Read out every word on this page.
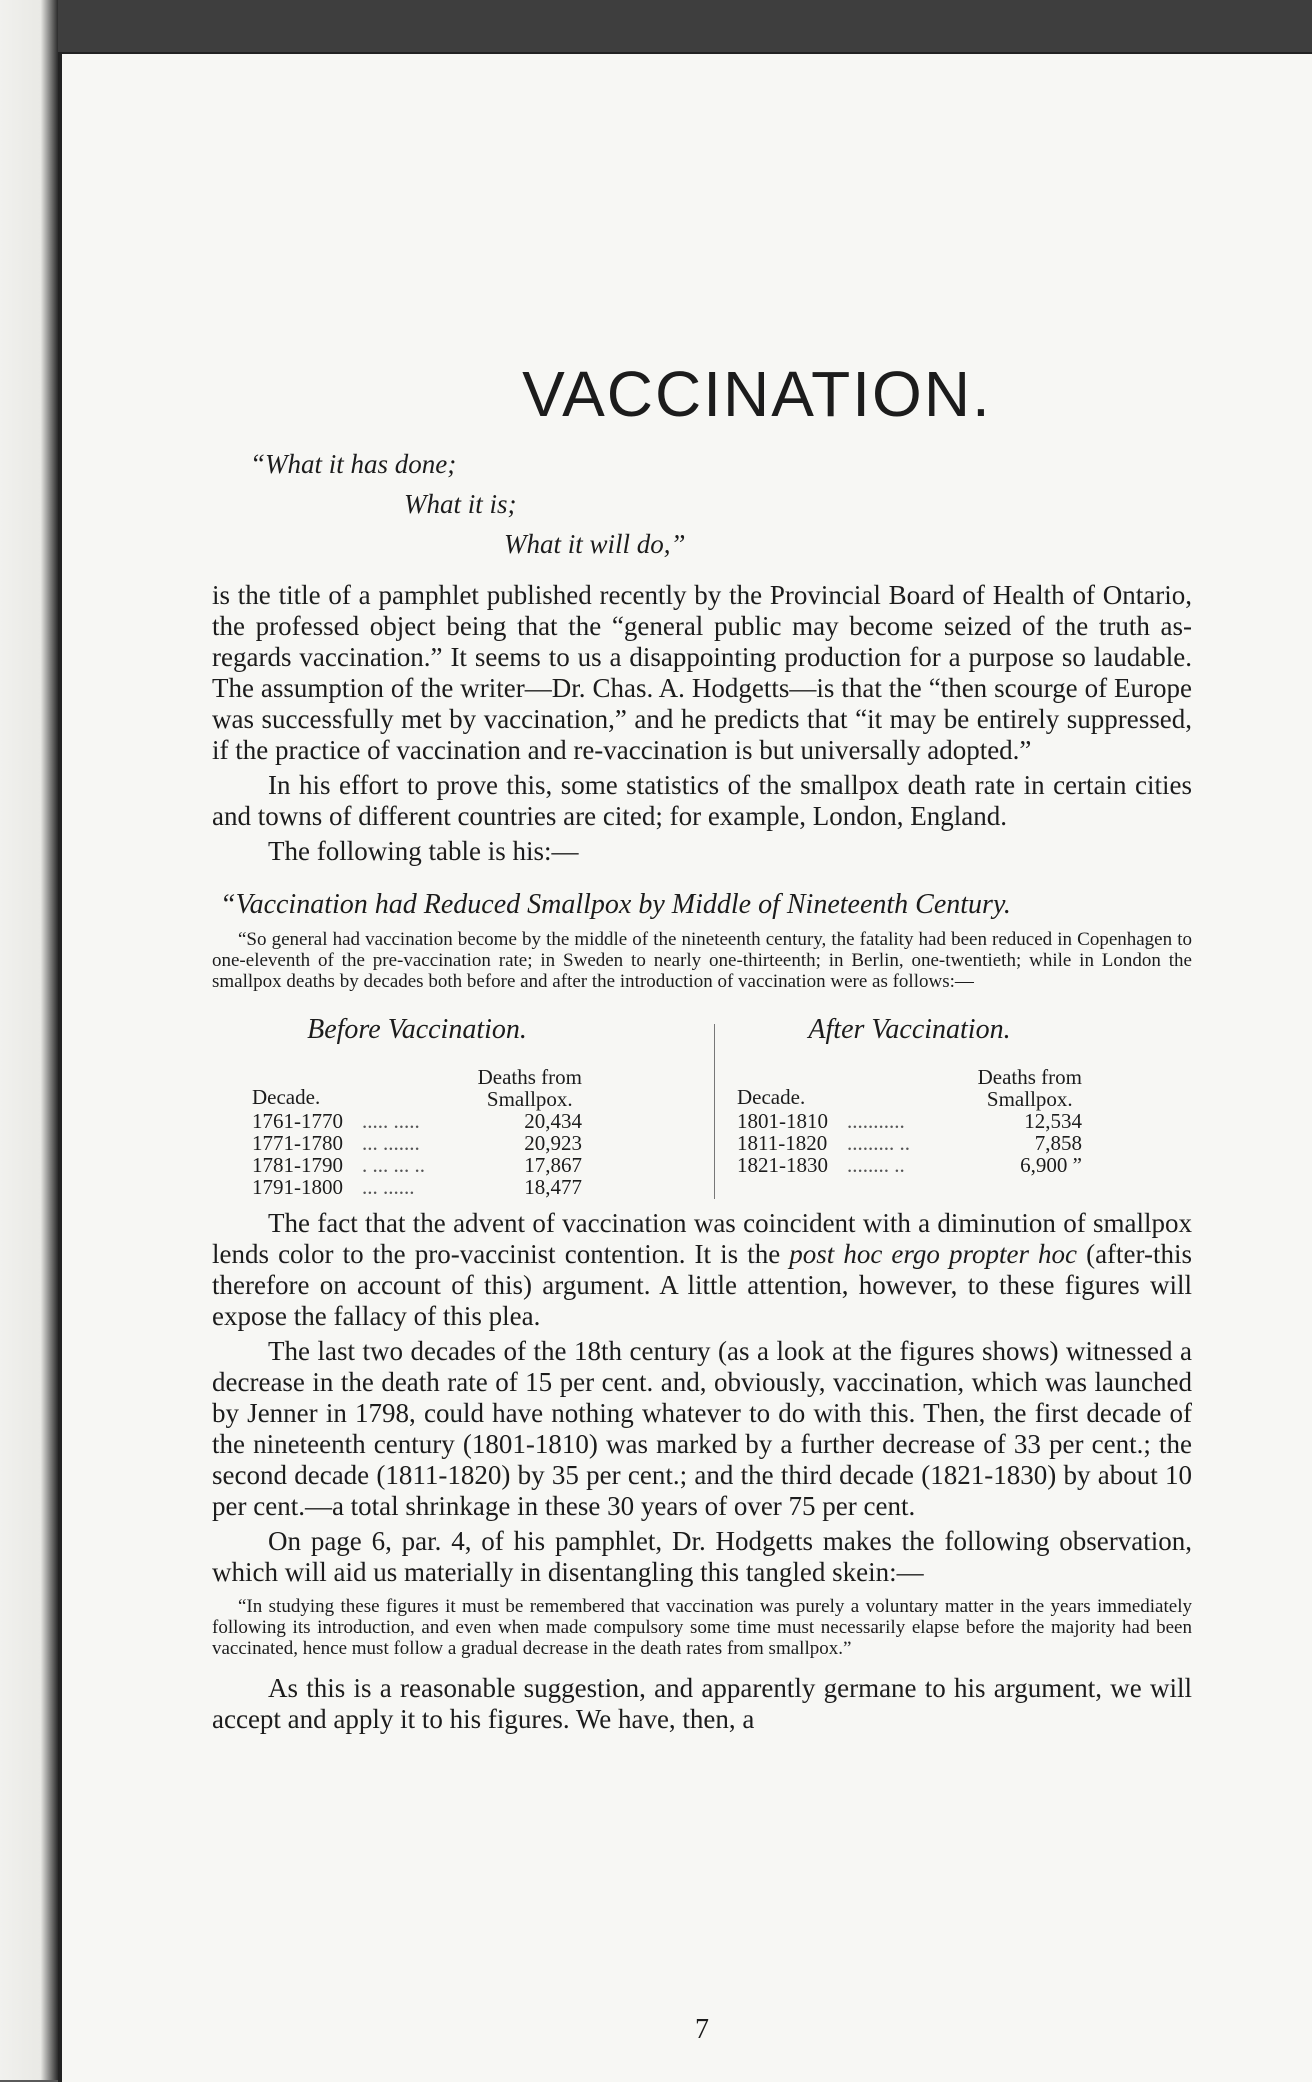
VACCINATION.
“What it has done;
What it is;
What it will do,”

is the title of a pamphlet published recently by the Provincial Board of Health of Ontario, the professed object being that the “general public may become seized of the truth as-regards vaccination.” It seems to us a disappointing production for a purpose so laudable. The assumption of the writer—Dr. Chas. A. Hodgetts—is that the “then scourge of Europe was successfully met by vaccination,” and he predicts that “it may be entirely suppressed, if the practice of vaccination and re-vaccination is but universally adopted.”

In his effort to prove this, some statistics of the smallpox death rate in certain cities and towns of different countries are cited; for example, London, England.

The following table is his:—

“Vaccination had Reduced Smallpox by Middle of Nineteenth Century.
“So general had vaccination become by the middle of the nineteenth century, the fatality had been reduced in Copenhagen to one-eleventh of the pre-vaccination rate; in Sweden to nearly one-thirteenth; in Berlin, one-twentieth; while in London the smallpox deaths by decades both before and after the introduction of vaccination were as follows:—
Before Vaccination.
Decade.
Deaths from
Smallpox.
1761-1770 ..... .....	20,434
1771-1780 ... .......	20,923
1781-1790 . ... ... ..	17,867
1791-1800 ... ......	18,477
After Vaccination.
Decade.
Deaths from
Smallpox.
1801-1810 ...........	12,534
1811-1820 ......... ..	7,858
1821-1830 ........ ..	6,900 ”

The fact that the advent of vaccination was coincident with a diminution of smallpox lends color to the pro-vaccinist contention. It is the post hoc ergo propter hoc (after-this therefore on account of this) argument. A little attention, however, to these figures will expose the fallacy of this plea.

The last two decades of the 18th century (as a look at the figures shows) witnessed a decrease in the death rate of 15 per cent. and, obviously, vaccination, which was launched by Jenner in 1798, could have nothing whatever to do with this. Then, the first decade of the nineteenth century (1801-1810) was marked by a further decrease of 33 per cent.; the second decade (1811-1820) by 35 per cent.; and the third decade (1821-1830) by about 10 per cent.—a total shrinkage in these 30 years of over 75 per cent.

On page 6, par. 4, of his pamphlet, Dr. Hodgetts makes the following observation, which will aid us materially in disentangling this tangled skein:—

“In studying these figures it must be remembered that vaccination was purely a voluntary matter in the years immediately following its introduction, and even when made compulsory some time must necessarily elapse before the majority had been vaccinated, hence must follow a gradual decrease in the death rates from smallpox.”

As this is a reasonable suggestion, and apparently germane to his argument, we will accept and apply it to his figures. We have, then, a

7
